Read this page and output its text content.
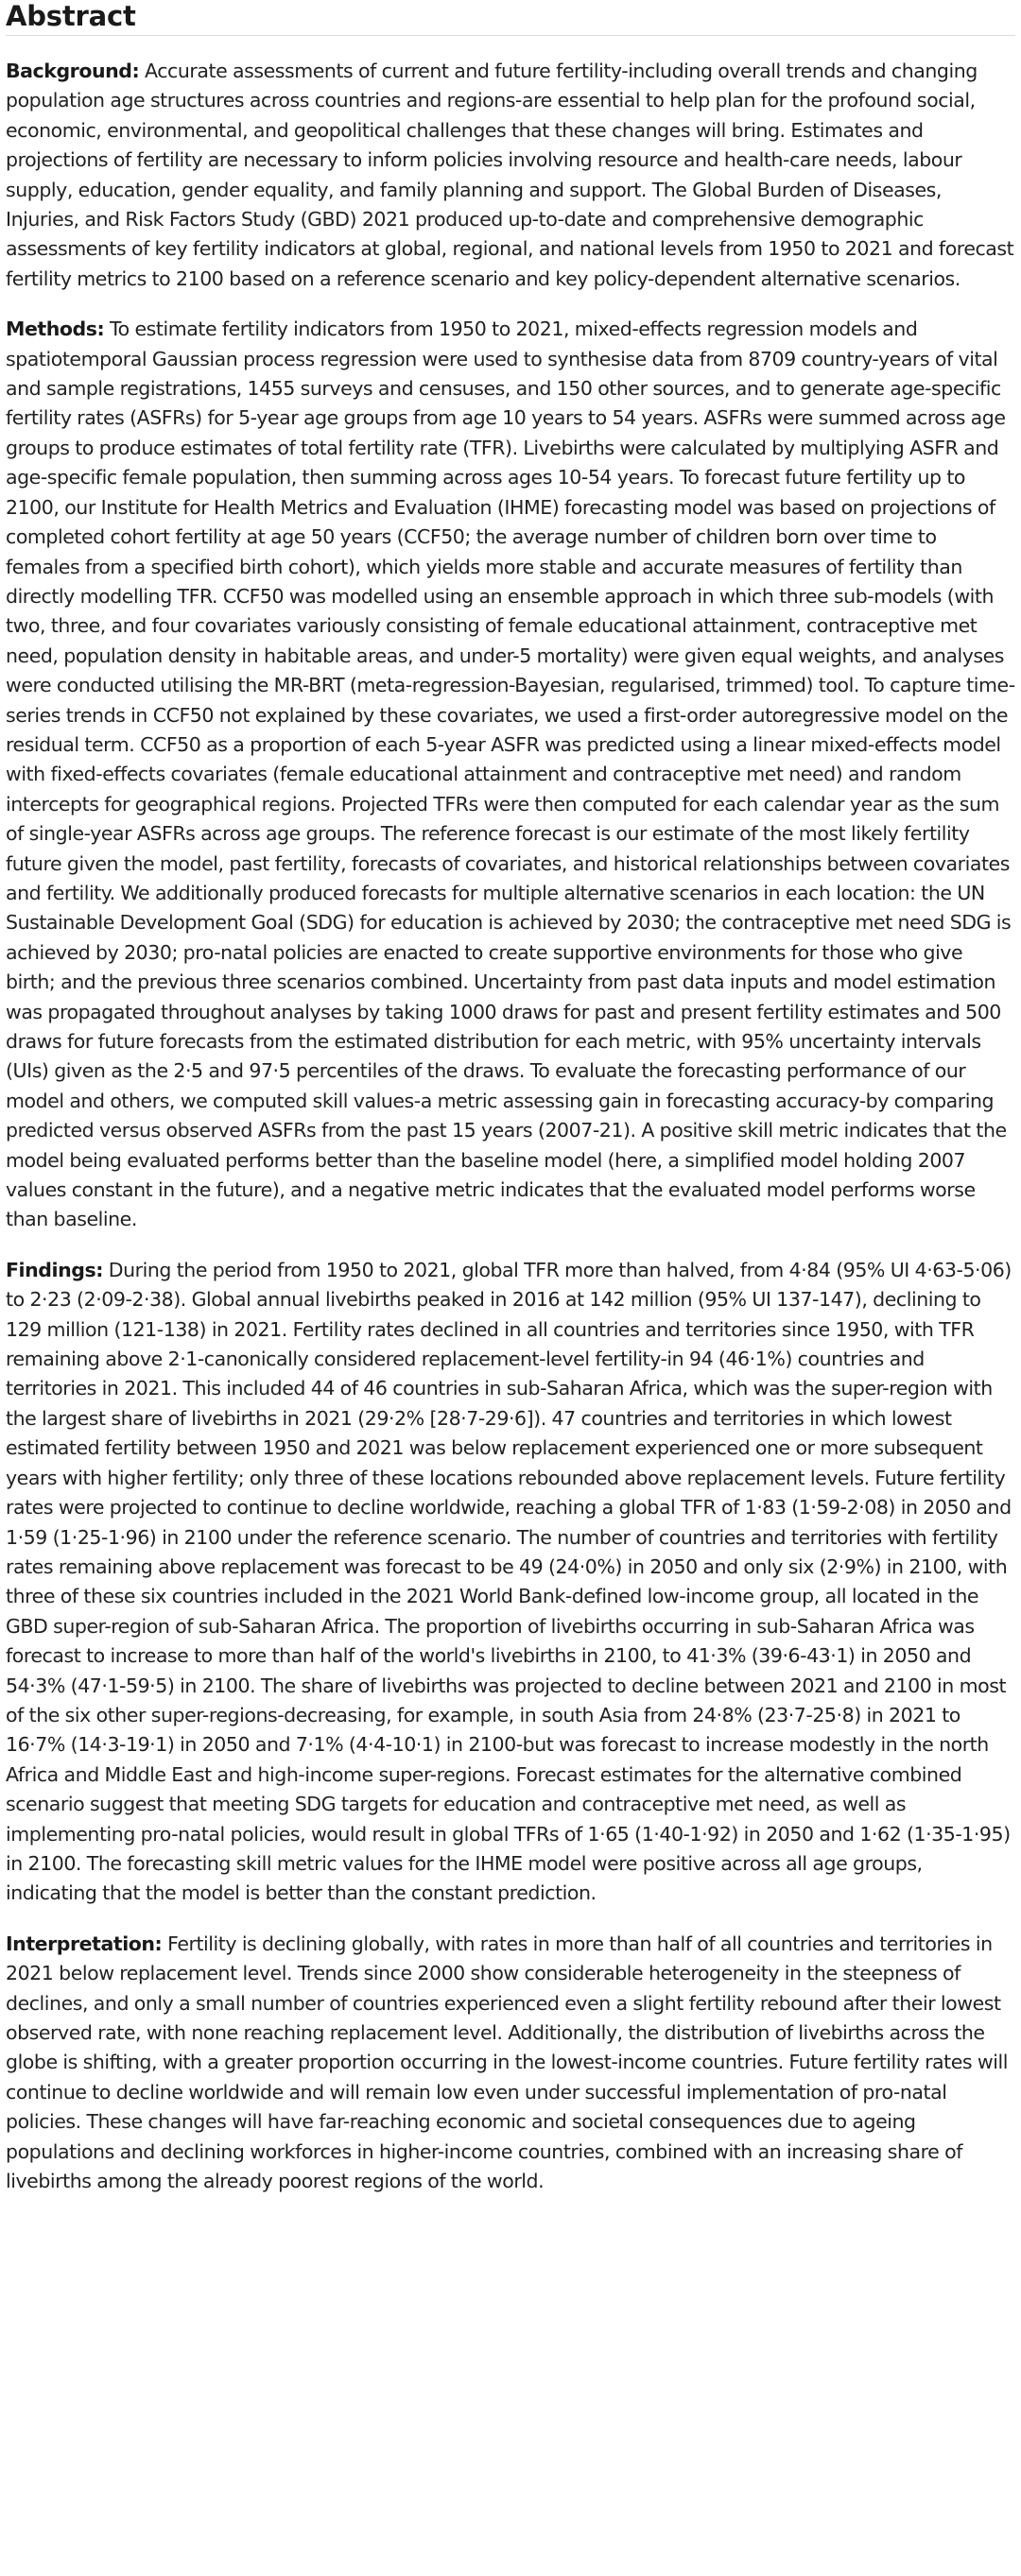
Abstract

Background: Accurate assessments of current and future fertility-including overall trends and changing population age structures across countries and regions-are essential to help plan for the profound social, economic, environmental, and geopolitical challenges that these changes will bring. Estimates and projections of fertility are necessary to inform policies involving resource and health-care needs, labour supply, education, gender equality, and family planning and support. The Global Burden of Diseases, Injuries, and Risk Factors Study (GBD) 2021 produced up-to-date and comprehensive demographic assessments of key fertility indicators at global, regional, and national levels from 1950 to 2021 and forecast fertility metrics to 2100 based on a reference scenario and key policy-dependent alternative scenarios.

Methods: To estimate fertility indicators from 1950 to 2021, mixed-effects regression models and spatiotemporal Gaussian process regression were used to synthesise data from 8709 country-years of vital and sample registrations, 1455 surveys and censuses, and 150 other sources, and to generate age-specific fertility rates (ASFRs) for 5-year age groups from age 10 years to 54 years. ASFRs were summed across age groups to produce estimates of total fertility rate (TFR). Livebirths were calculated by multiplying ASFR and age-specific female population, then summing across ages 10-54 years. To forecast future fertility up to 2100, our Institute for Health Metrics and Evaluation (IHME) forecasting model was based on projections of completed cohort fertility at age 50 years (CCF50; the average number of children born over time to females from a specified birth cohort), which yields more stable and accurate measures of fertility than directly modelling TFR. CCF50 was modelled using an ensemble approach in which three sub-models (with two, three, and four covariates variously consisting of female educational attainment, contraceptive met need, population density in habitable areas, and under-5 mortality) were given equal weights, and analyses were conducted utilising the MR-BRT (meta-regression-Bayesian, regularised, trimmed) tool. To capture time-series trends in CCF50 not explained by these covariates, we used a first-order autoregressive model on the residual term. CCF50 as a proportion of each 5-year ASFR was predicted using a linear mixed-effects model with fixed-effects covariates (female educational attainment and contraceptive met need) and random intercepts for geographical regions. Projected TFRs were then computed for each calendar year as the sum of single-year ASFRs across age groups. The reference forecast is our estimate of the most likely fertility future given the model, past fertility, forecasts of covariates, and historical relationships between covariates and fertility. We additionally produced forecasts for multiple alternative scenarios in each location: the UN Sustainable Development Goal (SDG) for education is achieved by 2030; the contraceptive met need SDG is achieved by 2030; pro-natal policies are enacted to create supportive environments for those who give birth; and the previous three scenarios combined. Uncertainty from past data inputs and model estimation was propagated throughout analyses by taking 1000 draws for past and present fertility estimates and 500 draws for future forecasts from the estimated distribution for each metric, with 95% uncertainty intervals (UIs) given as the 2·5 and 97·5 percentiles of the draws. To evaluate the forecasting performance of our model and others, we computed skill values-a metric assessing gain in forecasting accuracy-by comparing predicted versus observed ASFRs from the past 15 years (2007-21). A positive skill metric indicates that the model being evaluated performs better than the baseline model (here, a simplified model holding 2007 values constant in the future), and a negative metric indicates that the evaluated model performs worse than baseline.

Findings: During the period from 1950 to 2021, global TFR more than halved, from 4·84 (95% UI 4·63-5·06) to 2·23 (2·09-2·38). Global annual livebirths peaked in 2016 at 142 million (95% UI 137-147), declining to 129 million (121-138) in 2021. Fertility rates declined in all countries and territories since 1950, with TFR remaining above 2·1-canonically considered replacement-level fertility-in 94 (46·1%) countries and territories in 2021. This included 44 of 46 countries in sub-Saharan Africa, which was the super-region with the largest share of livebirths in 2021 (29·2% [28·7-29·6]). 47 countries and territories in which lowest estimated fertility between 1950 and 2021 was below replacement experienced one or more subsequent years with higher fertility; only three of these locations rebounded above replacement levels. Future fertility rates were projected to continue to decline worldwide, reaching a global TFR of 1·83 (1·59-2·08) in 2050 and 1·59 (1·25-1·96) in 2100 under the reference scenario. The number of countries and territories with fertility rates remaining above replacement was forecast to be 49 (24·0%) in 2050 and only six (2·9%) in 2100, with three of these six countries included in the 2021 World Bank-defined low-income group, all located in the GBD super-region of sub-Saharan Africa. The proportion of livebirths occurring in sub-Saharan Africa was forecast to increase to more than half of the world's livebirths in 2100, to 41·3% (39·6-43·1) in 2050 and 54·3% (47·1-59·5) in 2100. The share of livebirths was projected to decline between 2021 and 2100 in most of the six other super-regions-decreasing, for example, in south Asia from 24·8% (23·7-25·8) in 2021 to 16·7% (14·3-19·1) in 2050 and 7·1% (4·4-10·1) in 2100-but was forecast to increase modestly in the north Africa and Middle East and high-income super-regions. Forecast estimates for the alternative combined scenario suggest that meeting SDG targets for education and contraceptive met need, as well as implementing pro-natal policies, would result in global TFRs of 1·65 (1·40-1·92) in 2050 and 1·62 (1·35-1·95) in 2100. The forecasting skill metric values for the IHME model were positive across all age groups, indicating that the model is better than the constant prediction.

Interpretation: Fertility is declining globally, with rates in more than half of all countries and territories in 2021 below replacement level. Trends since 2000 show considerable heterogeneity in the steepness of declines, and only a small number of countries experienced even a slight fertility rebound after their lowest observed rate, with none reaching replacement level. Additionally, the distribution of livebirths across the globe is shifting, with a greater proportion occurring in the lowest-income countries. Future fertility rates will continue to decline worldwide and will remain low even under successful implementation of pro-natal policies. These changes will have far-reaching economic and societal consequences due to ageing populations and declining workforces in higher-income countries, combined with an increasing share of livebirths among the already poorest regions of the world.
